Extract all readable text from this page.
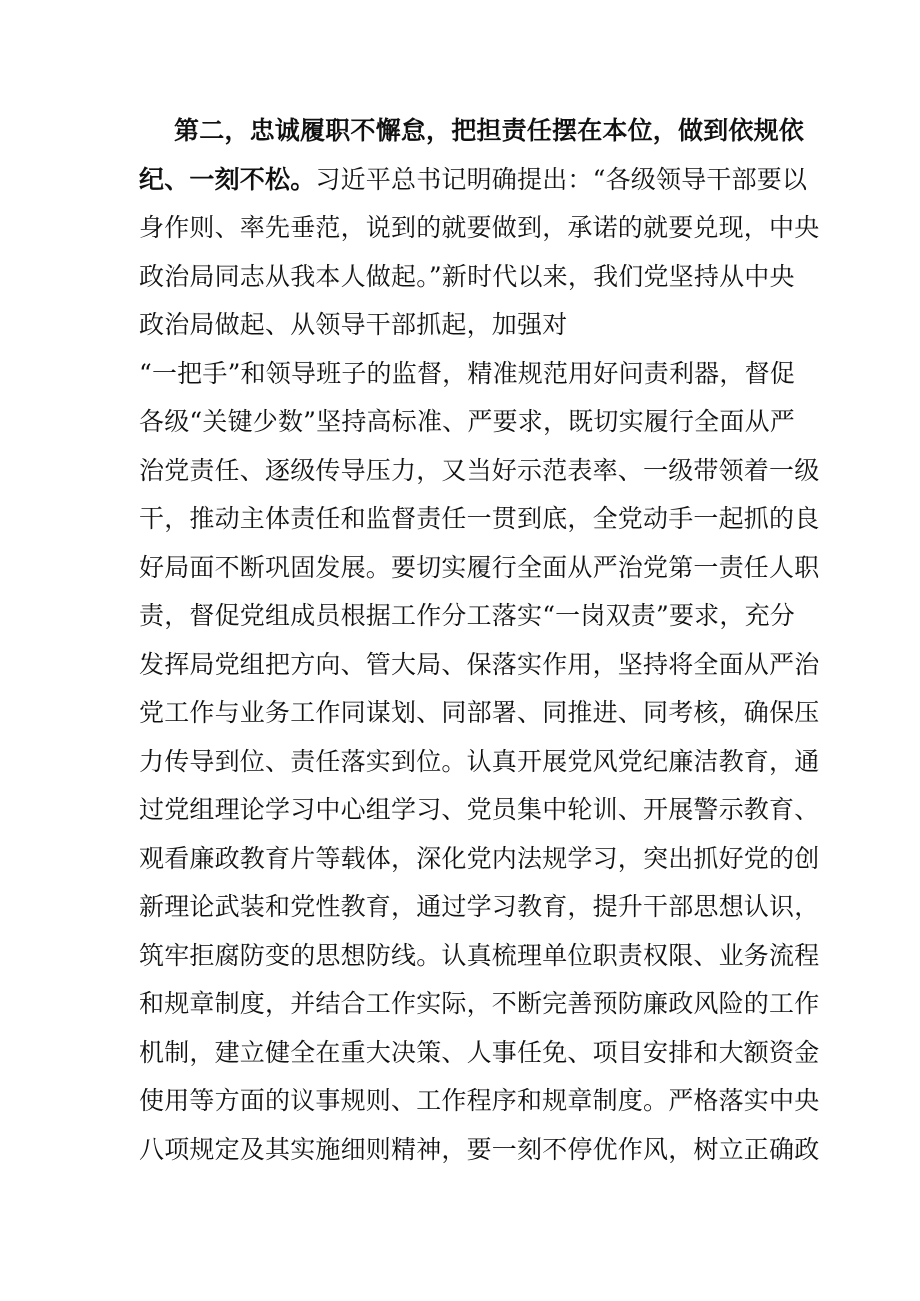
第二，忠诚履职不懈怠，把担责任摆在本位，做到依规依
纪、一刻不松。习近平总书记明确提出：“各级领导干部要以
身作则、率先垂范，说到的就要做到，承诺的就要兑现，中央
政治局同志从我本人做起。”新时代以来，我们党坚持从中央
政治局做起、从领导干部抓起，加强对
“一把手”和领导班子的监督，精准规范用好问责利器，督促
各级“关键少数”坚持高标准、严要求，既切实履行全面从严
治党责任、逐级传导压力，又当好示范表率、一级带领着一级
干，推动主体责任和监督责任一贯到底，全党动手一起抓的良
好局面不断巩固发展。要切实履行全面从严治党第一责任人职
责，督促党组成员根据工作分工落实“一岗双责”要求，充分
发挥局党组把方向、管大局、保落实作用，坚持将全面从严治
党工作与业务工作同谋划、同部署、同推进、同考核，确保压
力传导到位、责任落实到位。认真开展党风党纪廉洁教育，通
过党组理论学习中心组学习、党员集中轮训、开展警示教育、
观看廉政教育片等载体，深化党内法规学习，突出抓好党的创
新理论武装和党性教育，通过学习教育，提升干部思想认识，
筑牢拒腐防变的思想防线。认真梳理单位职责权限、业务流程
和规章制度，并结合工作实际，不断完善预防廉政风险的工作
机制，建立健全在重大决策、人事任免、项目安排和大额资金
使用等方面的议事规则、工作程序和规章制度。严格落实中央
八项规定及其实施细则精神，要一刻不停优作风，树立正确政
